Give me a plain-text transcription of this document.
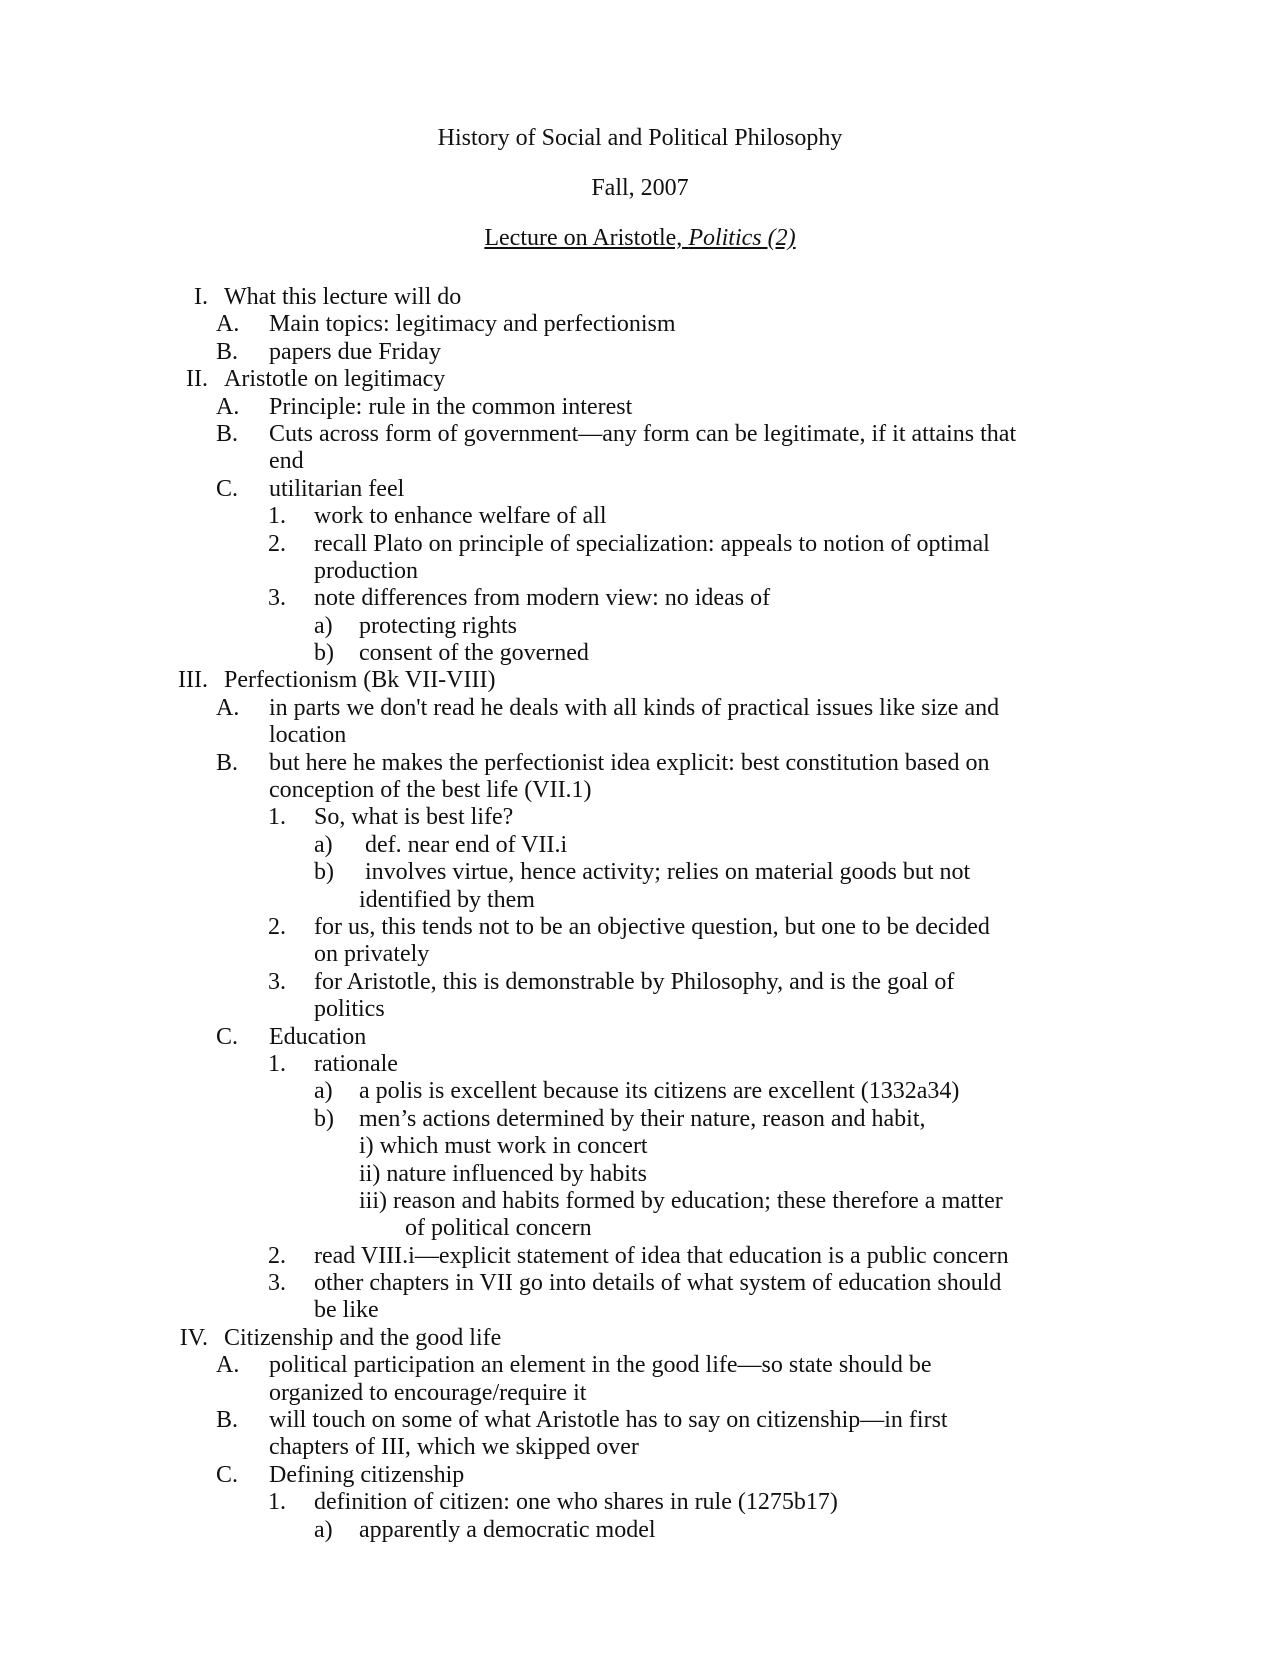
History of Social and Political Philosophy
Fall, 2007
Lecture on Aristotle, Politics (2)
I. What this lecture will do
A.	Main topics: legitimacy and perfectionism
B.	papers due Friday
II. Aristotle on legitimacy
A.	Principle: rule in the common interest
B.	Cuts across form of government—any form can be legitimate, if it attains that
end
C.	utilitarian feel
1.	work to enhance welfare of all
2.	recall Plato on principle of specialization: appeals to notion of optimal
production
3.	note differences from modern view: no ideas of
a)	protecting rights
b)	consent of the governed
III. Perfectionism (Bk VII-VIII)
A.	in parts we don't read he deals with all kinds of practical issues like size and
location
B.	but here he makes the perfectionist idea explicit: best constitution based on
conception of the best life (VII.1)
1.	So, what is best life?
a)	def. near end of VII.i
b)	involves virtue, hence activity; relies on material goods but not
identified by them
2.	for us, this tends not to be an objective question, but one to be decided
on privately
3.	for Aristotle, this is demonstrable by Philosophy, and is the goal of
politics
C.	Education
1.	rationale
a)	a polis is excellent because its citizens are excellent (1332a34)
b)	men’s actions determined by their nature, reason and habit,
i) which must work in concert
ii) nature influenced by habits
iii) reason and habits formed by education; these therefore a matter
of political concern
2.	read VIII.i—explicit statement of idea that education is a public concern
3.	other chapters in VII go into details of what system of education should
be like
IV. Citizenship and the good life
A.	political participation an element in the good life—so state should be
organized to encourage/require it
B.	will touch on some of what Aristotle has to say on citizenship—in first
chapters of III, which we skipped over
C.	Defining citizenship
1.	definition of citizen: one who shares in rule (1275b17)
a)	apparently a democratic model
